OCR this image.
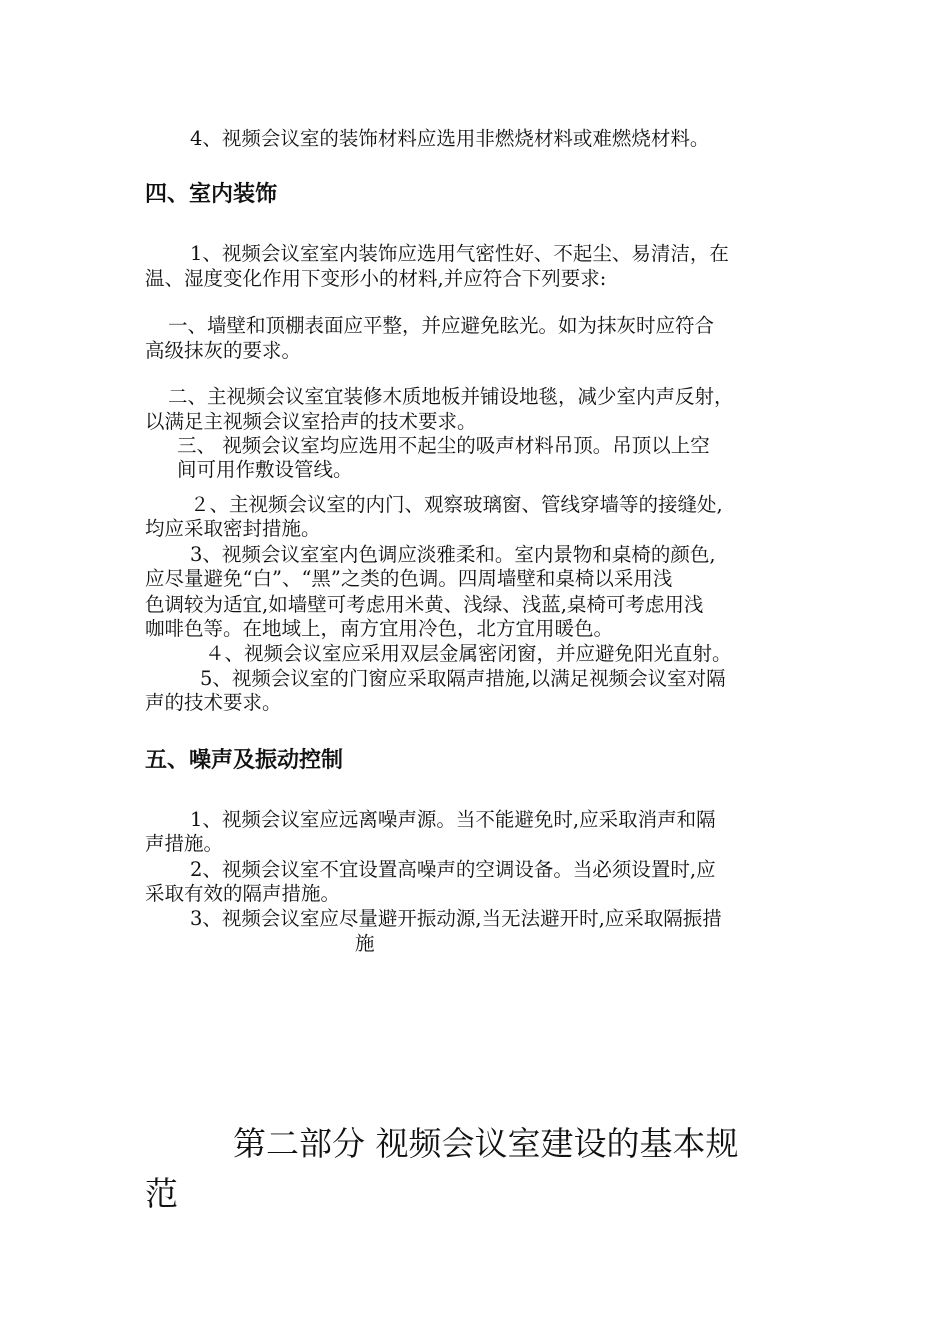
4、视频会议室的装饰材料应选用非燃烧材料或难燃烧材料。
四、室内装饰
1、视频会议室室内装饰应选用气密性好、不起尘、易清洁，在
温、湿度变化作用下变形小的材料,并应符合下列要求:
一、墙壁和顶棚表面应平整，并应避免眩光。如为抹灰时应符合
高级抹灰的要求。
二、主视频会议室宜装修木质地板并铺设地毯，减少室内声反射，
以满足主视频会议室拾声的技术要求。
三、 视频会议室均应选用不起尘的吸声材料吊顶。吊顶以上空
间可用作敷设管线。
２、主视频会议室的内门、观察玻璃窗、管线穿墙等的接缝处,
均应采取密封措施。
3、视频会议室室内色调应淡雅柔和。室内景物和桌椅的颜色,
应尽量避免“白”、“黑”之类的色调。四周墙壁和桌椅以采用浅
色调较为适宜,如墙壁可考虑用米黄、浅绿、浅蓝,桌椅可考虑用浅
咖啡色等。在地域上，南方宜用冷色，北方宜用暖色。
４、视频会议室应采用双层金属密闭窗，并应避免阳光直射。
5、视频会议室的门窗应采取隔声措施,以满足视频会议室对隔
声的技术要求。
五、噪声及振动控制
1、视频会议室应远离噪声源。当不能避免时,应采取消声和隔
声措施。
2、视频会议室不宜设置高噪声的空调设备。当必须设置时,应
采取有效的隔声措施。
3、视频会议室应尽量避开振动源,当无法避开时,应采取隔振措
施
第二部分 视频会议室建设的基本规
范
